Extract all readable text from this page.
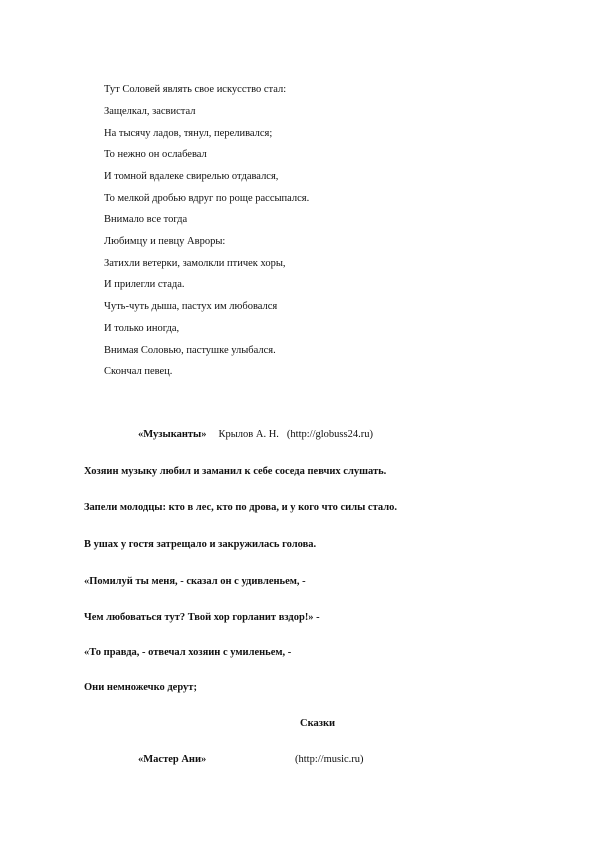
Тут Соловей являть свое искусство стал:
Защелкал, засвистал
На тысячу ладов, тянул, переливался;
То нежно он ослабевал
И томной вдалеке свирелью отдавался,
То мелкой дробью вдруг по роще рассыпался.
Внимало все тогда
Любимцу и певцу Авроры:
Затихли ветерки, замолкли птичек хоры,
И прилегли стада.
Чуть-чуть дыша, пастух им любовался
И только иногда,
Внимая Соловью, пастушке улыбался.
Скончал певец.
«Музыканты» Крылов А. Н. (http://globuss24.ru)
Хозяин музыку любил и заманил к себе соседа певчих слушать.
Запели молодцы: кто в лес, кто по дрова, и у кого что силы стало.
В ушах у гостя затрещало и закружилась голова.
«Помилуй ты меня, - сказал он с удивленьем, -
Чем любоваться тут? Твой хор горланит вздор!» -
«То правда, - отвечал хозяин с умиленьем, -
Они немножечко дерут;
Сказки
«Мастер Ани»	(http://music.ru)
